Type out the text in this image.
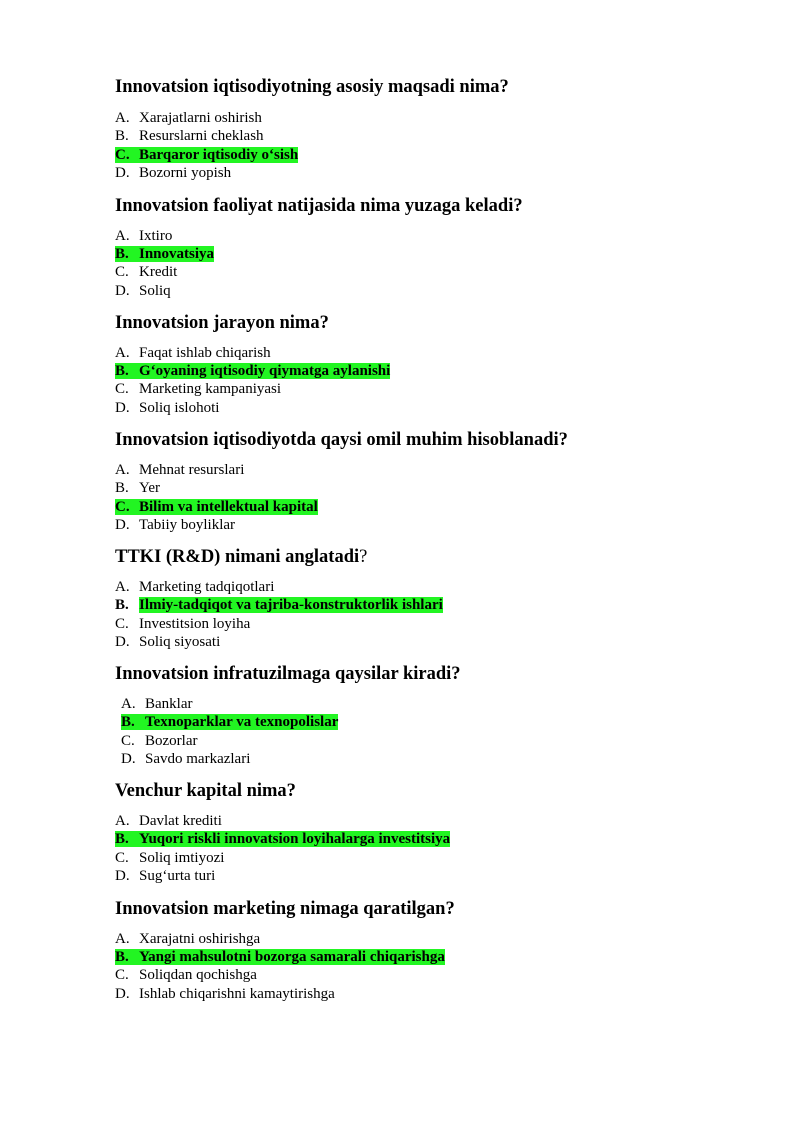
Innovatsion iqtisodiyotning asosiy maqsadi nima?
A. Xarajatlarni oshirish
B. Resurslarni cheklash
C. Barqaror iqtisodiy o‘sish
D. Bozorni yopish
Innovatsion faoliyat natijasida nima yuzaga keladi?
A. Ixtiro
B. Innovatsiya
C. Kredit
D. Soliq
Innovatsion jarayon nima?
A. Faqat ishlab chiqarish
B. G‘oyaning iqtisodiy qiymatga aylanishi
C. Marketing kampaniyasi
D. Soliq islohoti
Innovatsion iqtisodiyotda qaysi omil muhim hisoblanadi?
A. Mehnat resurslari
B. Yer
C. Bilim va intellektual kapital
D. Tabiiy boyliklar
TTKI (R&D) nimani anglatadi?
A. Marketing tadqiqotlari
B. Ilmiy-tadqiqot va tajriba-konstruktorlik ishlari
C. Investitsion loyiha
D. Soliq siyosati
Innovatsion infratuzilmaga qaysilar kiradi?
A. Banklar
B. Texnoparklar va texnopolislar
C. Bozorlar
D. Savdo markazlari
Venchur kapital nima?
A. Davlat krediti
B. Yuqori riskli innovatsion loyihalarga investitsiya
C. Soliq imtiyozi
D. Sug‘urta turi
Innovatsion marketing nimaga qaratilgan?
A. Xarajatni oshirishga
B. Yangi mahsulotni bozorga samarali chiqarishga
C. Soliqdan qochishga
D. Ishlab chiqarishni kamaytirishga
